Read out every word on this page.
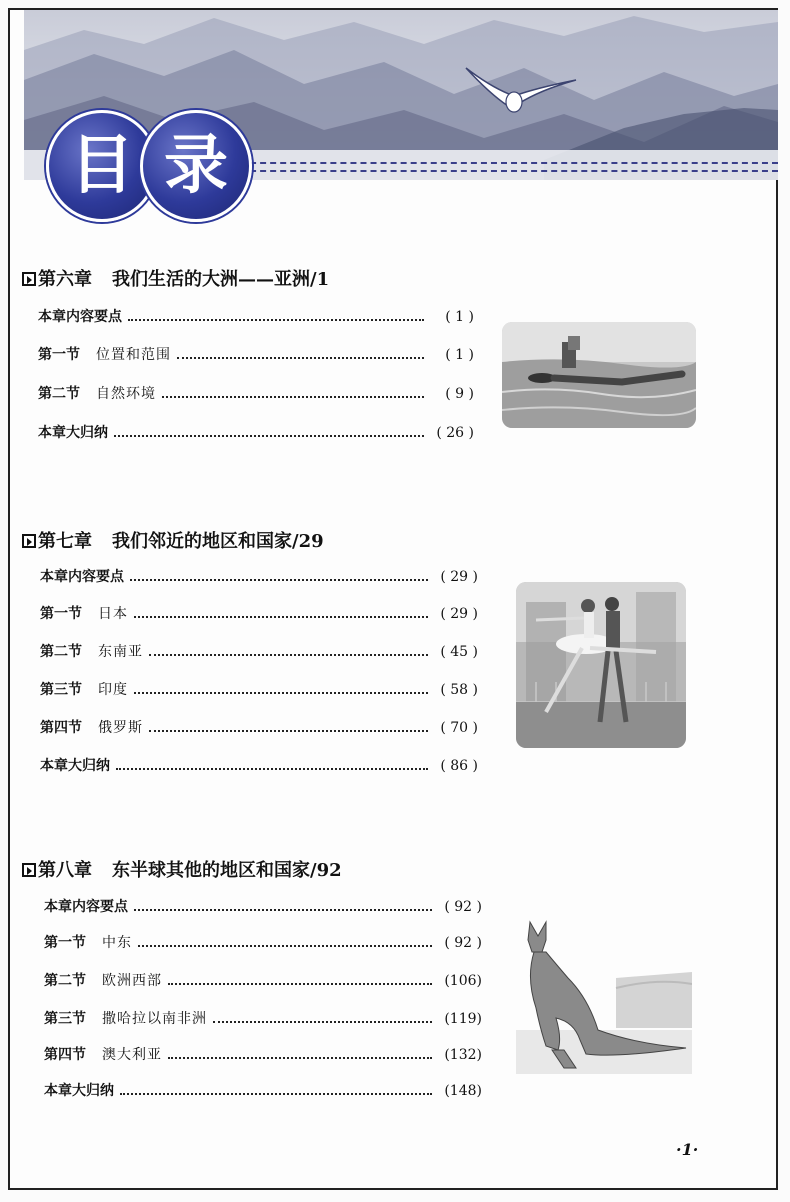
目 录
第六章 我们生活的大洲——亚洲/1
本章内容要点	( 1 )
第一节 位置和范围	( 1 )
第二节 自然环境	( 9 )
本章大归纳	( 26 )
第七章 我们邻近的地区和国家/29
本章内容要点	( 29 )
第一节 日本	( 29 )
第二节 东南亚	( 45 )
第三节 印度	( 58 )
第四节 俄罗斯	( 70 )
本章大归纳	( 86 )
第八章 东半球其他的地区和国家/92
本章内容要点	( 92 )
第一节 中东	( 92 )
第二节 欧洲西部	(106)
第三节 撒哈拉以南非洲	(119)
第四节 澳大利亚	(132)
本章大归纳	(148)
·1·
